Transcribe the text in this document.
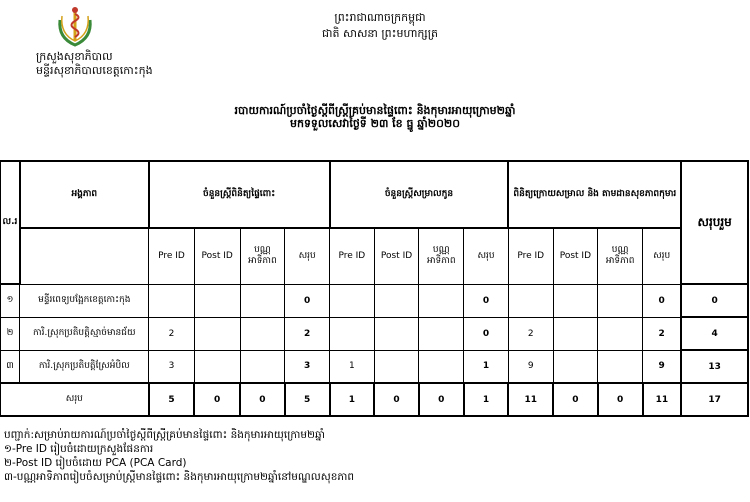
ក្រសួងសុខាភិបាល
មន្ទីរសុខាភិបាលខេត្តកោះកុង
ព្រះរាជាណាចក្រកម្ពុជា
ជាតិ សាសនា ព្រះមហាក្សត្រ
របាយការណ៍ប្រចាំថ្ងៃស្ដីពីស្ត្រីគ្រប់មានផ្ទៃពោះ និងកុមារអាយុក្រោម២ឆ្នាំ
មកទទួលសេវាថ្ងៃទី ២៣ ខែ ធ្នូ ឆ្នាំ២០២០
ល.រ	អង្គភាព	ចំនួនស្ត្រីពិនិត្យផ្ទៃពោះ				ចំនួនស្ត្រីសម្រាលកូន				ពិនិត្យក្រោយសម្រាល និង តាមដានសុខភាពកុមារ				សរុបរួម
		Pre ID	Post ID	បណ្ណ អាទិភាព	សរុប	Pre ID	Post ID	បណ្ណ អាទិភាព	សរុប	Pre ID	Post ID	បណ្ណ អាទិភាព	សរុប	
១	មន្ទីរពេទ្យបង្អែកខេត្តកោះកុង				0				0				0	0
២	ការិ.ស្រុកប្រតិបត្តិស្មាច់មានជ័យ	2			2				0	2			2	4
៣	ការិ.ស្រុកប្រតិបត្តិស្រែអំបិល	3			3	1			1	9			9	13
សរុប		5	0	0	5	1	0	0	1	11	0	0	11	17
បញ្ជាក់:សម្រាប់រាយការណ៍ប្រចាំថ្ងៃស្ដីពីស្ត្រីគ្រប់មានផ្ទៃពោះ និងកុមារអាយុក្រោម២ឆ្នាំ
១-Pre ID រៀបចំដោយក្រសួងផែនការ
២-Post ID រៀបចំដោយ PCA (PCA Card)
៣-បណ្ណអាទិភាពរៀបចំសម្រាប់ស្ត្រីមានផ្ទៃពោះ និងកុមារអាយុក្រោម២ឆ្នាំនៅមណ្ឌលសុខភាព
